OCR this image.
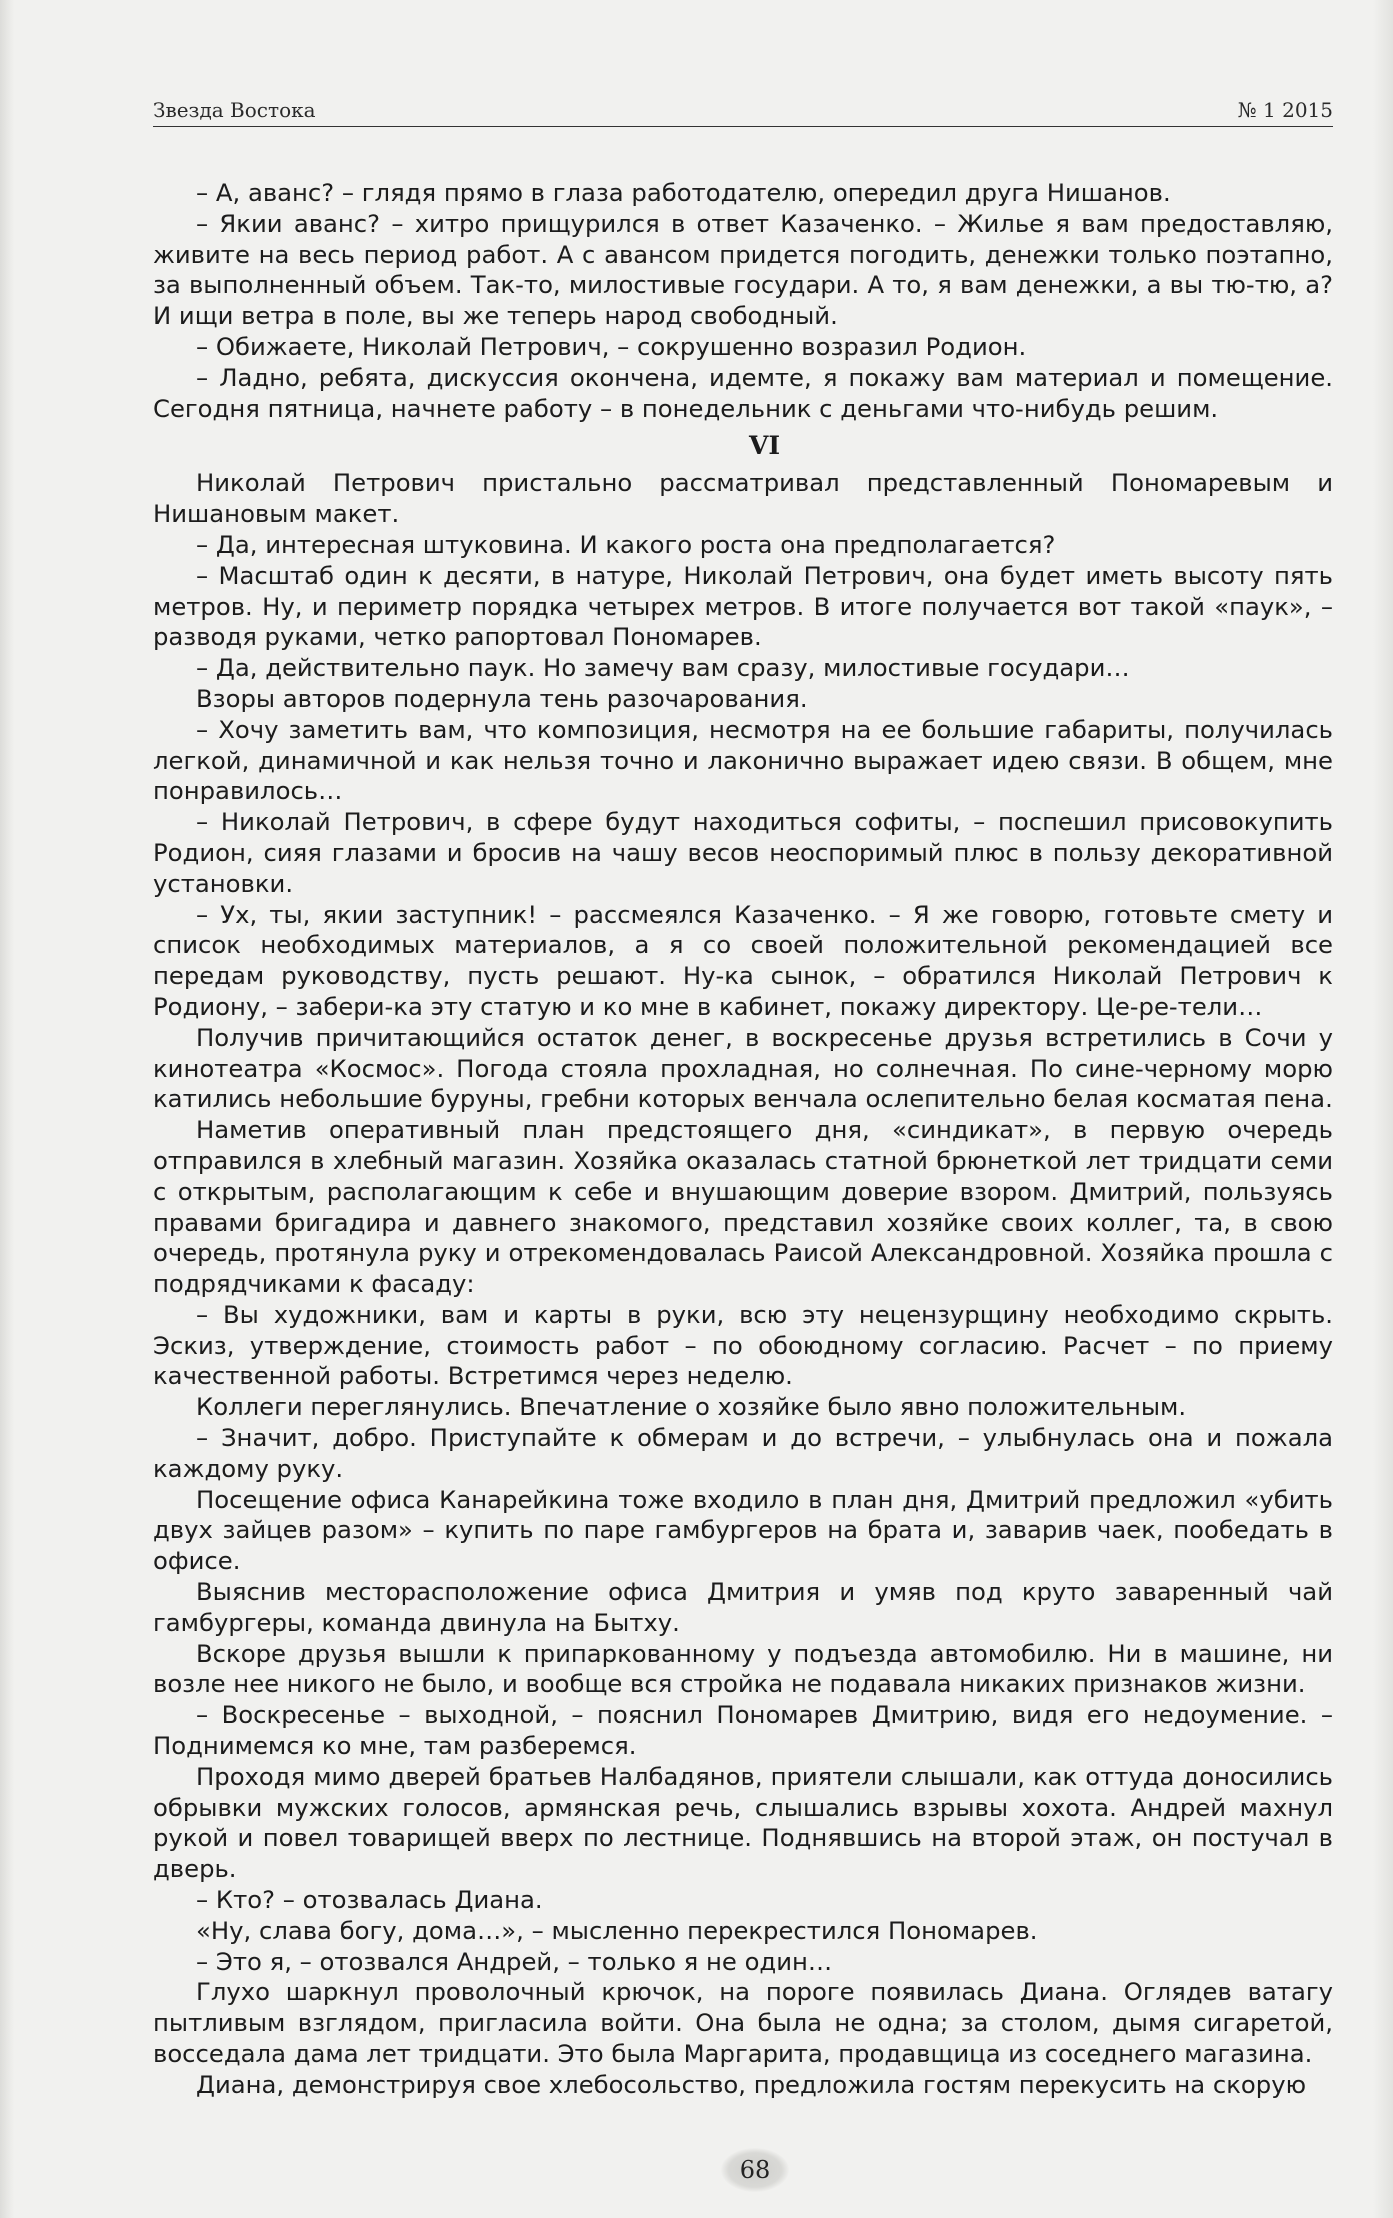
Звезда Востока	№ 1 2015

– А, аванс? – глядя прямо в глаза работодателю, опередил друга Нишанов.

– Якии аванс? – хитро прищурился в ответ Казаченко. – Жилье я вам предоставляю, живите на весь период работ. А с авансом придется погодить, денежки только поэтапно, за выполненный объем. Так-то, милостивые государи. А то, я вам денежки, а вы тю-тю, а? И ищи ветра в поле, вы же теперь народ свободный.

– Обижаете, Николай Петрович, – сокрушенно возразил Родион.

– Ладно, ребята, дискуссия окончена, идемте, я покажу вам материал и помещение. Сегодня пятница, начнете работу – в понедельник с деньгами что-нибудь решим.

VI

Николай Петрович пристально рассматривал представленный Пономаревым и Нишановым макет.

– Да, интересная штуковина. И какого роста она предполагается?

– Масштаб один к десяти, в натуре, Николай Петрович, она будет иметь высоту пять метров. Ну, и периметр порядка четырех метров. В итоге получается вот такой «паук», – разводя руками, четко рапортовал Пономарев.

– Да, действительно паук. Но замечу вам сразу, милостивые государи…

Взоры авторов подернула тень разочарования.

– Хочу заметить вам, что композиция, несмотря на ее большие габариты, получилась легкой, динамичной и как нельзя точно и лаконично выражает идею связи. В общем, мне понравилось…

– Николай Петрович, в сфере будут находиться софиты, – поспешил присовокупить Родион, сияя глазами и бросив на чашу весов неоспоримый плюс в пользу декоративной установки.

– Ух, ты, якии заступник! – рассмеялся Казаченко. – Я же говорю, готовьте смету и список необходимых материалов, а я со своей положительной рекомендацией все передам руководству, пусть решают. Ну-ка сынок, – обратился Николай Петрович к Родиону, – забери-ка эту статую и ко мне в кабинет, покажу директору. Це-ре-тели…

Получив причитающийся остаток денег, в воскресенье друзья встретились в Сочи у кинотеатра «Космос». Погода стояла прохладная, но солнечная. По сине-черному морю катились небольшие буруны, гребни которых венчала ослепительно белая косматая пена.

Наметив оперативный план предстоящего дня, «синдикат», в первую очередь отправился в хлебный магазин. Хозяйка оказалась статной брюнеткой лет тридцати семи с открытым, располагающим к себе и внушающим доверие взором. Дмитрий, пользуясь правами бригадира и давнего знакомого, представил хозяйке своих коллег, та, в свою очередь, протянула руку и отрекомендовалась Раисой Александровной. Хозяйка прошла с подрядчиками к фасаду:

– Вы художники, вам и карты в руки, всю эту нецензурщину необходимо скрыть. Эскиз, утверждение, стоимость работ – по обоюдному согласию. Расчет – по приему качественной работы. Встретимся через неделю.

Коллеги переглянулись. Впечатление о хозяйке было явно положительным.

– Значит, добро. Приступайте к обмерам и до встречи, – улыбнулась она и пожала каждому руку.

Посещение офиса Канарейкина тоже входило в план дня, Дмитрий предложил «убить двух зайцев разом» – купить по паре гамбургеров на брата и, заварив чаек, пообедать в офисе.

Выяснив месторасположение офиса Дмитрия и умяв под круто заваренный чай гамбургеры, команда двинула на Бытху.

Вскоре друзья вышли к припаркованному у подъезда автомобилю. Ни в машине, ни возле нее никого не было, и вообще вся стройка не подавала никаких признаков жизни.

– Воскресенье – выходной, – пояснил Пономарев Дмитрию, видя его недоумение. – Поднимемся ко мне, там разберемся.

Проходя мимо дверей братьев Налбадянов, приятели слышали, как оттуда доносились обрывки мужских голосов, армянская речь, слышались взрывы хохота. Андрей махнул рукой и повел товарищей вверх по лестнице. Поднявшись на второй этаж, он постучал в дверь.

– Кто? – отозвалась Диана.

«Ну, слава богу, дома…», – мысленно перекрестился Пономарев.

– Это я, – отозвался Андрей, – только я не один…

Глухо шаркнул проволочный крючок, на пороге появилась Диана. Оглядев ватагу пытливым взглядом, пригласила войти. Она была не одна; за столом, дымя сигаретой, восседала дама лет тридцати. Это была Маргарита, продавщица из соседнего магазина.

Диана, демонстрируя свое хлебосольство, предложила гостям перекусить на скорую

68
